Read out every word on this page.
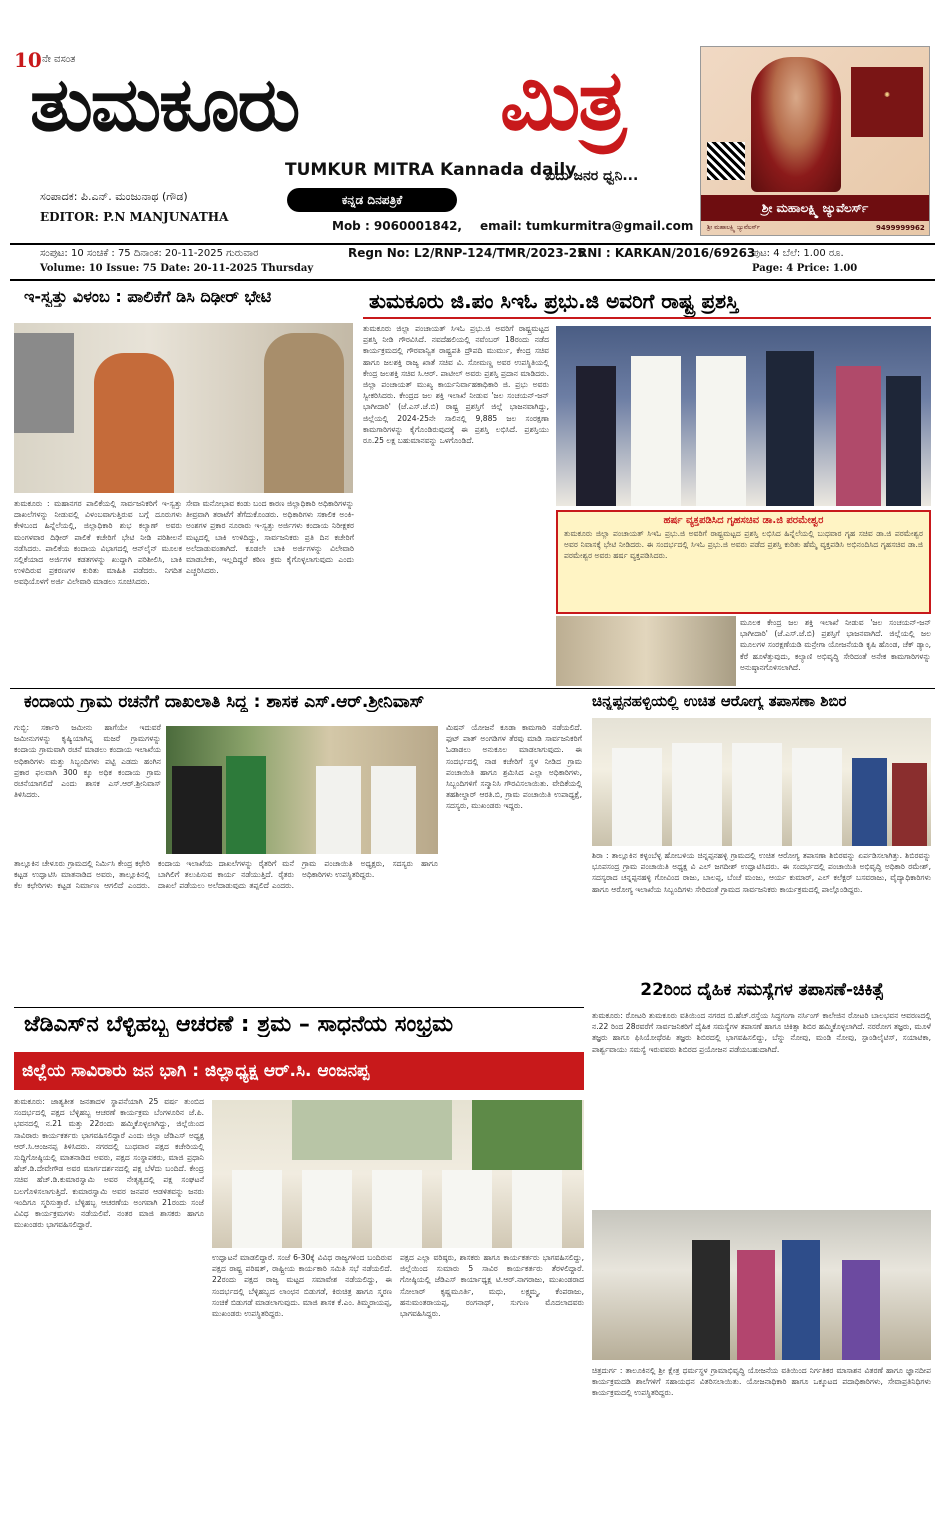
10 ನೇ ವಸಂತ
ತುಮಕೂರು ಮಿತ್ರ
TUMKUR MITRA Kannada daily
ಖದು ಜನರ ಧ್ವನಿ...
ಸಂಪಾದಕ: ಪಿ.ಎನ್. ಮಂಜುನಾಥ (ಗೌಡ)
EDITOR: P.N MANJUNATHA
ಕನ್ನಡ ದಿನಪತ್ರಿಕೆ
Mob : 9060001842, email: tumkurmitra@gmail.com
✺
ಶ್ರೀ ಮಹಾಲಕ್ಷ್ಮಿ ಜ್ಯುವೆಲರ್ಸ್
ಶ್ರೀ ಮಹಾಲಕ್ಷ್ಮಿ ಜ್ಯುವೆಲರ್ಸ್	9499999962
ಸಂಪುಟ: 10 ಸಂಚಿಕೆ : 75 ದಿನಾಂಕ: 20-11-2025 ಗುರುವಾರ	Regn No: L2/RNP-124/TMR/2023-25
RNI : KARKAN/2016/69263
ಪುಟ: 4 ಬೆಲೆ: 1.00 ರೂ.
Volume: 10 Issue: 75 Date: 20-11-2025 Thursday	Page: 4 Price: 1.00
ಇ-ಸ್ವತ್ತು ವಿಳಂಬ : ಪಾಲಿಕೆಗೆ ಡಿಸಿ ದಿಢೀರ್ ಭೇಟಿ
ತುಮಕೂರು : ಮಹಾನಗರ ಪಾಲಿಕೆಯಲ್ಲಿ ಸಾರ್ವಜನಿಕರಿಗೆ ಇ-ಸ್ವತ್ತು ದಾಖಲೆಗಳನ್ನು ನೀಡುವಲ್ಲಿ ವಿಳಂಬವಾಗುತ್ತಿರುವ ಬಗ್ಗೆ ದೂರುಗಳು ಕೇಳಿಬಂದ ಹಿನ್ನೆಲೆಯಲ್ಲಿ, ಜಿಲ್ಲಾಧಿಕಾರಿ ಶುಭ ಕಲ್ಯಾಣ್ ಅವರು ಮಂಗಳವಾರ ದಿಢೀರ್ ಪಾಲಿಕೆ ಕಚೇರಿಗೆ ಭೇಟಿ ನೀಡಿ ಪರಿಶೀಲನೆ ನಡೆಸಿದರು. ಪಾಲಿಕೆಯ ಕಂದಾಯ ವಿಭಾಗದಲ್ಲಿ ಆನ್‌ಲೈನ್ ಮೂಲಕ ಸಲ್ಲಿಕೆಯಾದ ಅರ್ಜಿಗಳ ಕಡತಗಳನ್ನು ಖುದ್ದಾಗಿ ಪರಿಶೀಲಿಸಿ, ಬಾಕಿ ಉಳಿದಿರುವ ಪ್ರಕರಣಗಳ ಕುರಿತು ಮಾಹಿತಿ ಪಡೆದರು. ನಿಗದಿತ ಅವಧಿಯೊಳಗೆ ಅರ್ಜಿ ವಿಲೇವಾರಿ ಮಾಡಲು ಸೂಚಿಸಿದರು.
ಸೇವಾ ಮನೋಭಾವ ಕಂಡು ಬಂದ ಕಾರಣ ಜಿಲ್ಲಾಧಿಕಾರಿ ಅಧಿಕಾರಿಗಳನ್ನು ತೀವ್ರವಾಗಿ ತರಾಟೆಗೆ ತೆಗೆದುಕೊಂಡರು. ಅಧಿಕಾರಿಗಳು ಸಕಾಲಿಕ ಅಂಕಿ-ಅಂಶಗಳ ಪ್ರಕಾರ ನೂರಾರು ಇ-ಸ್ವತ್ತು ಅರ್ಜಿಗಳು ಕಂದಾಯ ನಿರೀಕ್ಷಕರ ಮಟ್ಟದಲ್ಲಿ ಬಾಕಿ ಉಳಿದಿದ್ದು, ಸಾರ್ವಜನಿಕರು ಪ್ರತಿ ದಿನ ಕಚೇರಿಗೆ ಅಲೆದಾಡುವಂತಾಗಿದೆ. ಕೂಡಲೇ ಬಾಕಿ ಅರ್ಜಿಗಳನ್ನು ವಿಲೇವಾರಿ ಮಾಡಬೇಕು, ಇಲ್ಲದಿದ್ದರೆ ಕಠಿಣ ಕ್ರಮ ಕೈಗೊಳ್ಳಲಾಗುವುದು ಎಂದು ಎಚ್ಚರಿಸಿದರು.
ತುಮಕೂರು ಜಿ.ಪಂ ಸಿಇಓ ಪ್ರಭು.ಜಿ ಅವರಿಗೆ ರಾಷ್ಟ್ರ ಪ್ರಶಸ್ತಿ
ತುಮಕೂರು ಜಿಲ್ಲಾ ಪಂಚಾಯತ್ ಸಿಇಓ ಪ್ರಭು.ಜಿ ಅವರಿಗೆ ರಾಷ್ಟ್ರಮಟ್ಟದ ಪ್ರಶಸ್ತಿ ನೀಡಿ ಗೌರವಿಸಿದೆ. ನವದೆಹಲಿಯಲ್ಲಿ ನವೆಂಬರ್ 18ರಂದು ನಡೆದ ಕಾರ್ಯಕ್ರಮದಲ್ಲಿ ಗೌರವಾನ್ವಿತ ರಾಷ್ಟ್ರಪತಿ ದ್ರೌಪದಿ ಮುರ್ಮು, ಕೇಂದ್ರ ಸಚಿವ ಹಾಗೂ ಜಲಶಕ್ತಿ ರಾಜ್ಯ ಖಾತೆ ಸಚಿವ ವಿ. ಸೋಮಣ್ಣ ಅವರ ಉಪಸ್ಥಿತಿಯಲ್ಲಿ ಕೇಂದ್ರ ಜಲಶಕ್ತಿ ಸಚಿವ ಸಿ.ಆರ್. ಪಾಟೀಲ್ ಅವರು ಪ್ರಶಸ್ತಿ ಪ್ರದಾನ ಮಾಡಿದರು. ಜಿಲ್ಲಾ ಪಂಚಾಯತ್ ಮುಖ್ಯ ಕಾರ್ಯನಿರ್ವಾಹಕಾಧಿಕಾರಿ ಜಿ. ಪ್ರಭು ಅವರು ಸ್ವೀಕರಿಸಿದರು. ಕೇಂದ್ರದ ಜಲ ಶಕ್ತಿ ಇಲಾಖೆ ನೀಡುವ 'ಜಲ ಸಂಚಯನ್-ಜನ್ ಭಾಗೀದಾರಿ' (ಜೆ.ಎಸ್.ಜೆ.ಬಿ) ರಾಷ್ಟ್ರ ಪ್ರಶಸ್ತಿಗೆ ಜಿಲ್ಲೆ ಭಾಜನವಾಗಿದ್ದು, ಜಿಲ್ಲೆಯಲ್ಲಿ 2024-25ನೇ ಸಾಲಿನಲ್ಲಿ 9,885 ಜಲ ಸಂರಕ್ಷಣಾ ಕಾಮಗಾರಿಗಳನ್ನು ಕೈಗೊಂಡಿರುವುದಕ್ಕೆ ಈ ಪ್ರಶಸ್ತಿ ಲಭಿಸಿದೆ. ಪ್ರಶಸ್ತಿಯು ರೂ.25 ಲಕ್ಷ ಬಹುಮಾನವನ್ನು ಒಳಗೊಂಡಿದೆ.
ಹರ್ಷ ವ್ಯಕ್ತಪಡಿಸಿದ ಗೃಹಸಚಿವ ಡಾ.ಜಿ ಪರಮೇಶ್ವರ
ತುಮಕೂರು ಜಿಲ್ಲಾ ಪಂಚಾಯತ್ ಸಿಇಓ ಪ್ರಭು.ಜಿ ಅವರಿಗೆ ರಾಷ್ಟ್ರಮಟ್ಟದ ಪ್ರಶಸ್ತಿ ಲಭಿಸಿದ ಹಿನ್ನೆಲೆಯಲ್ಲಿ ಬುಧವಾರ ಗೃಹ ಸಚಿವ ಡಾ.ಜಿ ಪರಮೇಶ್ವರ ಅವರ ನಿವಾಸಕ್ಕೆ ಭೇಟಿ ನೀಡಿದರು. ಈ ಸಂದರ್ಭದಲ್ಲಿ ಸಿಇಓ ಪ್ರಭು.ಜಿ ಅವರು ಪಡೆದ ಪ್ರಶಸ್ತಿ ಕುರಿತು ಹೆಮ್ಮೆ ವ್ಯಕ್ತಪಡಿಸಿ ಅಭಿನಂದಿಸಿದ ಗೃಹಸಚಿವ ಡಾ.ಜಿ ಪರಮೇಶ್ವರ ಅವರು ಹರ್ಷ ವ್ಯಕ್ತಪಡಿಸಿದರು.
ಮೂಲಕ ಕೇಂದ್ರ ಜಲ ಶಕ್ತಿ ಇಲಾಖೆ ನೀಡುವ 'ಜಲ ಸಂಚಯನ್-ಜನ್ ಭಾಗೀದಾರಿ' (ಜೆ.ಎಸ್.ಜೆ.ಬಿ) ಪ್ರಶಸ್ತಿಗೆ ಭಾಜನವಾಗಿದೆ. ಜಿಲ್ಲೆಯಲ್ಲಿ ಜಲ ಮೂಲಗಳ ಸಂರಕ್ಷಣೆಯಡಿ ಮನ್ರೇಗಾ ಯೋಜನೆಯಡಿ ಕೃಷಿ ಹೊಂಡ, ಚೆಕ್ ಡ್ಯಾಂ, ಕೆರೆ ಹೂಳೆತ್ತುವುದು, ಕಲ್ಯಾಣಿ ಅಭಿವೃದ್ಧಿ ಸೇರಿದಂತೆ ಅನೇಕ ಕಾಮಗಾರಿಗಳನ್ನು ಅನುಷ್ಠಾನಗೊಳಿಸಲಾಗಿದೆ.
ಕಂದಾಯ ಗ್ರಾಮ ರಚನೆಗೆ ದಾಖಲಾತಿ ಸಿದ್ದ : ಶಾಸಕ ಎಸ್.ಆರ್.ಶ್ರೀನಿವಾಸ್
ಗುಬ್ಬಿ: ಸರ್ಕಾರಿ ಜಮೀನು ಹಾಗೆಯೇ ಇದುವರೆ ಜಮೀನುಗಳನ್ನು ಕೃಷ್ಯಿಯಾಗಿನ್ನ ಮಜರೆ ಗ್ರಾಮಗಳನ್ನು ಕಂದಾಯ ಗ್ರಾಮವಾಗಿ ರಚನೆ ಮಾಡಲು ಕಂದಾಯ ಇಲಾಖೆಯ ಅಧಿಕಾರಿಗಳು ಮತ್ತು ಸಿಬ್ಬಂದಿಗಳು ಪಟ್ಟಿ ಎಡದು ಹಂಗಿನ ಪ್ರಕಾರ ಫಲವಾಗಿ 300 ಕ್ಕೂ ಅಧಿಕ ಕಂದಾಯ ಗ್ರಾಮ ರಚನೆಯಾಗಲಿದೆ ಎಂದು ಶಾಸಕ ಎಸ್.ಆರ್.ಶ್ರೀನಿವಾಸ್ ತಿಳಿಸಿದರು.
ತಾಲ್ಲೂಕಿನ ಚೇಳೂರು ಗ್ರಾಮದಲ್ಲಿ ನಿರ್ಮಿಸಿ ಕೇಂದ್ರ ಕಛೇರಿ ಕಟ್ಟಡ ಉದ್ಘಾಟಿಸಿ ಮಾತನಾಡಿದ ಅವರು, ತಾಲ್ಲೂಕಿನಲ್ಲಿ ಕೆಲ ಕಛೇರಿಗಳು ಕಟ್ಟಡ ನಿರ್ಮಾಣ ಆಗಲಿದೆ ಎಂದರು. ಕಂದಾಯ ಇಲಾಖೆಯ ದಾಖಲೆಗಳನ್ನು ರೈತರಿಗೆ ಮನೆ ಬಾಗಿಲಿಗೆ ತಲುಪಿಸುವ ಕಾರ್ಯ ನಡೆಯುತ್ತಿದೆ. ರೈತರು ದಾಖಲೆ ಪಡೆಯಲು ಅಲೆದಾಡುವುದು ತಪ್ಪಲಿದೆ ಎಂದರು. ಗ್ರಾಮ ಪಂಚಾಯಿತಿ ಅಧ್ಯಕ್ಷರು, ಸದಸ್ಯರು ಹಾಗೂ ಅಧಿಕಾರಿಗಳು ಉಪಸ್ಥಿತರಿದ್ದರು.
ಮಿಷನ್ ಯೋಜನೆ ಕೂಡಾ ಕಾಮಗಾರಿ ನಡೆಯಲಿದೆ. ಫುಟ್ ಪಾತ್ ಅಂಗಡಿಗಳ ತೆರವು ಮಾಡಿ ಸಾರ್ವಜನಿಕರಿಗೆ ಓಡಾಡಲು ಅನುಕೂಲ ಮಾಡಲಾಗುವುದು. ಈ ಸಂದರ್ಭದಲ್ಲಿ ನಾಡ ಕಚೇರಿಗೆ ಸ್ಥಳ ನೀಡಿದ ಗ್ರಾಮ ಪಂಚಾಯಿತಿ ಹಾಗೂ ಶ್ರಮಿಸಿದ ಎಲ್ಲಾ ಅಧಿಕಾರಿಗಳು, ಸಿಬ್ಬಂದಿಗಳಿಗೆ ಸನ್ಮಾನಿಸಿ ಗೌರವಿಸಲಾಯಿತು. ವೇದಿಕೆಯಲ್ಲಿ ತಹಶೀಲ್ದಾರ್ ಆರತಿ.ಬಿ, ಗ್ರಾಮ ಪಂಚಾಯಿತಿ ಉಪಾಧ್ಯಕ್ಷೆ, ಸದಸ್ಯರು, ಮುಖಂಡರು ಇದ್ದರು.
ಚಿನ್ನಪ್ಪನಹಳ್ಳಿಯಲ್ಲಿ ಉಚಿತ ಆರೋಗ್ಯ ತಪಾಸಣಾ ಶಿಬಿರ
ಶಿರಾ : ತಾಲ್ಲೂಕಿನ ಕಳ್ಳಂಬೆಳ್ಳ ಹೋಬಳಿಯ ಚಿನ್ನಪ್ಪನಹಳ್ಳಿ ಗ್ರಾಮದಲ್ಲಿ ಉಚಿತ ಆರೋಗ್ಯ ತಪಾಸಣಾ ಶಿಬಿರವನ್ನು ಏರ್ಪಡಿಸಲಾಗಿತ್ತು. ಶಿಬಿರವನ್ನು ಭೂಪಸಂದ್ರ ಗ್ರಾಮ ಪಂಚಾಯಿತಿ ಅಧ್ಯಕ್ಷ ವಿ ಎಲ್ ಜಗದೀಶ್ ಉದ್ಘಾಟಿಸಿದರು. ಈ ಸಂದರ್ಭದಲ್ಲಿ ಪಂಚಾಯಿತಿ ಅಭಿವೃದ್ಧಿ ಅಧಿಕಾರಿ ರಮೇಶ್, ಸದಸ್ಯರಾದ ಚನ್ನಪ್ಪನಹಳ್ಳಿ ಗೋವಿಂದ ರಾಜು, ಬಾಲಪ್ಪ, ಬೆಂಚೆ ಮಂಜು, ಆರ್ಯ ಕುಮಾರ್, ಎಲ್ ಕಲೆಕ್ಟರ್ ಬಸವರಾಜು, ವೈದ್ಯಾಧಿಕಾರಿಗಳು ಹಾಗೂ ಆರೋಗ್ಯ ಇಲಾಖೆಯ ಸಿಬ್ಬಂದಿಗಳು ಸೇರಿದಂತೆ ಗ್ರಾಮದ ಸಾರ್ವಜನಿಕರು ಕಾರ್ಯಕ್ರಮದಲ್ಲಿ ಪಾಲ್ಗೊಂಡಿದ್ದರು.
22ರಿಂದ ದೈಹಿಕ ಸಮಸ್ಯೆಗಳ ತಪಾಸಣೆ-ಚಿಕಿತ್ಸೆ
ತುಮಕೂರು: ರೋಟರಿ ತುಮಕೂರು ವತಿಯಿಂದ ನಗರದ ಬಿ.ಹೆಚ್.ರಸ್ತೆಯ ಸಿದ್ಧಗಂಗಾ ನರ್ಸಿಂಗ್ ಕಾಲೇಜಿನ ರೋಟರಿ ಬಾಲಭವನ ಆವರಣದಲ್ಲಿ ನ.22 ರಿಂದ 28ರವರೆಗೆ ಸಾರ್ವಜನಿಕರಿಗೆ ದೈಹಿಕ ಸಮಸ್ಯೆಗಳ ತಪಾಸಣೆ ಹಾಗೂ ಚಿಕಿತ್ಸಾ ಶಿಬಿರ ಹಮ್ಮಿಕೊಳ್ಳಲಾಗಿದೆ. ನರರೋಗ ತಜ್ಞರು, ಮೂಳೆ ತಜ್ಞರು ಹಾಗೂ ಫಿಸಿಯೋಥೆರಪಿ ತಜ್ಞರು ಶಿಬಿರದಲ್ಲಿ ಭಾಗವಹಿಸಲಿದ್ದು, ಬೆನ್ನು ನೋವು, ಮಂಡಿ ನೋವು, ಸ್ಪಾಂಡಿಲೈಟಿಸ್, ಸಯಾಟಿಕಾ, ಪಾರ್ಶ್ವವಾಯು ಸಮಸ್ಯೆ ಇರುವವರು ಶಿಬಿರದ ಪ್ರಯೋಜನ ಪಡೆಯಬಹುದಾಗಿದೆ.
ಚಿತ್ರದುರ್ಗ : ತಾಲೂಕಿನಲ್ಲಿ ಶ್ರೀ ಕ್ಷೇತ್ರ ಧರ್ಮಸ್ಥಳ ಗ್ರಾಮಾಭಿವೃದ್ಧಿ ಯೋಜನೆಯ ವತಿಯಿಂದ ನಿರ್ಗತಿಕರ ಮಾಸಾಶನ ವಿತರಣೆ ಹಾಗೂ ಜ್ಞಾನದೀಪ ಕಾರ್ಯಕ್ರಮದಡಿ ಶಾಲೆಗಳಿಗೆ ಸಹಾಯಧನ ವಿತರಿಸಲಾಯಿತು. ಯೋಜನಾಧಿಕಾರಿ ಹಾಗೂ ಒಕ್ಕೂಟದ ಪದಾಧಿಕಾರಿಗಳು, ಸೇವಾಪ್ರತಿನಿಧಿಗಳು ಕಾರ್ಯಕ್ರಮದಲ್ಲಿ ಉಪಸ್ಥಿತರಿದ್ದರು.
ಜೆಡಿಎಸ್‌ನ ಬೆಳ್ಳಿಹಬ್ಬ ಆಚರಣೆ : ಶ್ರಮ – ಸಾಧನೆಯ ಸಂಭ್ರಮ
ಜಿಲ್ಲೆಯ ಸಾವಿರಾರು ಜನ ಭಾಗಿ : ಜಿಲ್ಲಾಧ್ಯಕ್ಷ ಆರ್.ಸಿ. ಆಂಜನಪ್ಪ
ತುಮಕೂರು: ಜಾತ್ಯತೀತ ಜನತಾದಳ ಸ್ಥಾಪನೆಯಾಗಿ 25 ವರ್ಷ ತುಂಬಿದ ಸಂದರ್ಭದಲ್ಲಿ ಪಕ್ಷದ ಬೆಳ್ಳಿಹಬ್ಬ ಆಚರಣೆ ಕಾರ್ಯಕ್ರಮ ಬೆಂಗಳೂರಿನ ಜೆ.ಪಿ. ಭವನದಲ್ಲಿ ನ.21 ಮತ್ತು 22ರಂದು ಹಮ್ಮಿಕೊಳ್ಳಲಾಗಿದ್ದು, ಜಿಲ್ಲೆಯಿಂದ ಸಾವಿರಾರು ಕಾರ್ಯಕರ್ತರು ಭಾಗವಹಿಸಲಿದ್ದಾರೆ ಎಂದು ಜಿಲ್ಲಾ ಜೆಡಿಎಸ್ ಅಧ್ಯಕ್ಷ ಆರ್.ಸಿ.ಆಂಜನಪ್ಪ ತಿಳಿಸಿದರು. ನಗರದಲ್ಲಿ ಬುಧವಾರ ಪಕ್ಷದ ಕಚೇರಿಯಲ್ಲಿ ಸುದ್ದಿಗೋಷ್ಠಿಯಲ್ಲಿ ಮಾತನಾಡಿದ ಅವರು, ಪಕ್ಷದ ಸಂಸ್ಥಾಪಕರು, ಮಾಜಿ ಪ್ರಧಾನಿ ಹೆಚ್.ಡಿ.ದೇವೇಗೌಡ ಅವರ ಮಾರ್ಗದರ್ಶನದಲ್ಲಿ ಪಕ್ಷ ಬೆಳೆದು ಬಂದಿದೆ. ಕೇಂದ್ರ ಸಚಿವ ಹೆಚ್.ಡಿ.ಕುಮಾರಸ್ವಾಮಿ ಅವರ ನೇತೃತ್ವದಲ್ಲಿ ಪಕ್ಷ ಸಂಘಟನೆ ಬಲಗೊಳಿಸಲಾಗುತ್ತಿದೆ. ಕುಮಾರಸ್ವಾಮಿ ಅವರ ಜನಪರ ಆಡಳಿತವನ್ನು ಜನರು ಇಂದಿಗೂ ಸ್ಮರಿಸುತ್ತಾರೆ. ಬೆಳ್ಳಿಹಬ್ಬ ಆಚರಣೆಯ ಅಂಗವಾಗಿ 21ರಂದು ಸಂಜೆ ವಿವಿಧ ಕಾರ್ಯಕ್ರಮಗಳು ನಡೆಯಲಿವೆ. ನಂತರ ಮಾಜಿ ಶಾಸಕರು ಹಾಗೂ ಮುಖಂಡರು ಭಾಗವಹಿಸಲಿದ್ದಾರೆ.
ಉದ್ಘಾಟನೆ ಮಾಡಲಿದ್ದಾರೆ. ಸಂಜೆ 6-30ಕ್ಕೆ ವಿವಿಧ ರಾಜ್ಯಗಳಿಂದ ಬಂದಿರುವ ಪಕ್ಷದ ರಾಷ್ಟ್ರ ಪರಿಷತ್, ರಾಷ್ಟ್ರೀಯ ಕಾರ್ಯಕಾರಿ ಸಮಿತಿ ಸಭೆ ನಡೆಯಲಿದೆ. 22ರಂದು ಪಕ್ಷದ ರಾಜ್ಯ ಮಟ್ಟದ ಸಮಾವೇಶ ನಡೆಯಲಿದ್ದು, ಈ ಸಂದರ್ಭದಲ್ಲಿ ಬೆಳ್ಳಿಹಬ್ಬದ ಲಾಂಛನ ಬಿಡುಗಡೆ, ಕಿರುಚಿತ್ರ ಹಾಗೂ ಸ್ಮರಣ ಸಂಚಿಕೆ ಬಿಡುಗಡೆ ಮಾಡಲಾಗುವುದು. ಮಾಜಿ ಶಾಸಕ ಕೆ.ಎಂ. ತಿಮ್ಮರಾಯಪ್ಪ, ಮುಖಂಡರು ಉಪಸ್ಥಿತರಿದ್ದರು.
ಪಕ್ಷದ ಎಲ್ಲಾ ವರಿಷ್ಠರು, ಶಾಸಕರು ಹಾಗೂ ಕಾರ್ಯಕರ್ತರು ಭಾಗವಹಿಸಲಿದ್ದು, ಜಿಲ್ಲೆಯಿಂದ ಸುಮಾರು 5 ಸಾವಿರ ಕಾರ್ಯಕರ್ತರು ತೆರಳಲಿದ್ದಾರೆ. ಗೋಷ್ಠಿಯಲ್ಲಿ ಜೆಡಿಎಸ್ ಕಾರ್ಯಾಧ್ಯಕ್ಷ ಟಿ.ಆರ್.ನಾಗರಾಜು, ಮುಖಂಡರಾದ ಸೋಲಾರ್ ಕೃಷ್ಣಮೂರ್ತಿ, ಮಧು, ಲಕ್ಷ್ಮಮ್ಮ, ಕೆಂಪರಾಜು, ಹನುಮಂತರಾಯಪ್ಪ, ರಂಗನಾಥ್, ಸುಗುಣ ಮೊದಲಾದವರು ಭಾಗವಹಿಸಿದ್ದರು.
